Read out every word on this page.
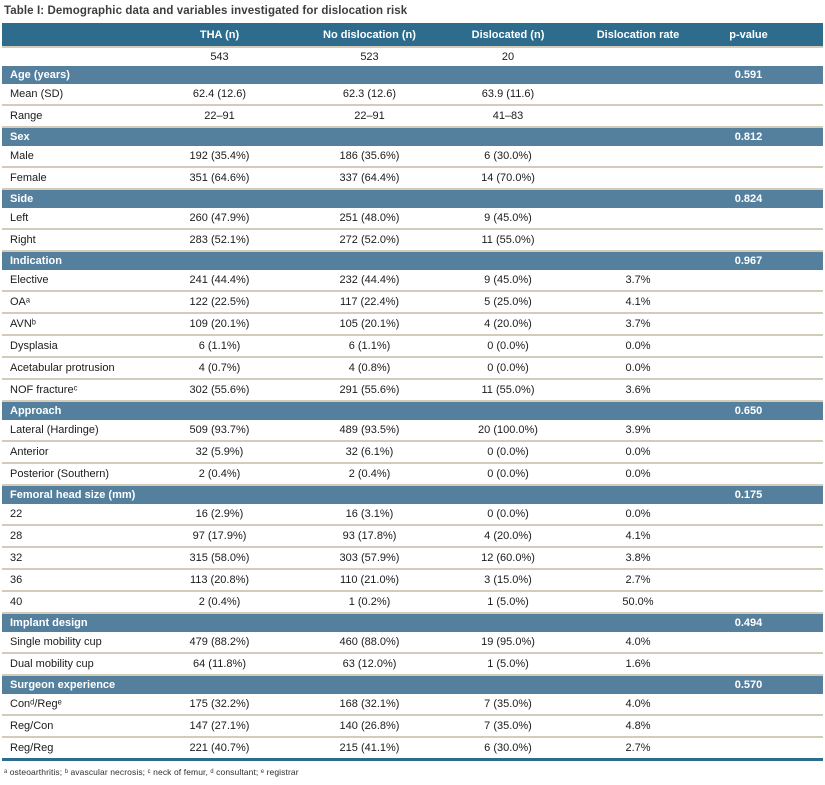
Table I: Demographic data and variables investigated for dislocation risk
	THA (n)	No dislocation (n)	Dislocated (n)	Dislocation rate	p-value
	543	523	20		
Age (years)					0.591
Mean (SD)	62.4 (12.6)	62.3 (12.6)	63.9 (11.6)		
Range	22–91	22–91	41–83		
Sex					0.812
Male	192 (35.4%)	186 (35.6%)	6 (30.0%)		
Female	351 (64.6%)	337 (64.4%)	14 (70.0%)		
Side					0.824
Left	260 (47.9%)	251 (48.0%)	9 (45.0%)		
Right	283 (52.1%)	272 (52.0%)	11 (55.0%)		
Indication					0.967
Elective	241 (44.4%)	232 (44.4%)	9 (45.0%)	3.7%	
OAᵃ	122 (22.5%)	117 (22.4%)	5 (25.0%)	4.1%	
AVNᵇ	109 (20.1%)	105 (20.1%)	4 (20.0%)	3.7%	
Dysplasia	6 (1.1%)	6 (1.1%)	0 (0.0%)	0.0%	
Acetabular protrusion	4 (0.7%)	4 (0.8%)	0 (0.0%)	0.0%	
NOF fractureᶜ	302 (55.6%)	291 (55.6%)	11 (55.0%)	3.6%	
Approach					0.650
Lateral (Hardinge)	509 (93.7%)	489 (93.5%)	20 (100.0%)	3.9%	
Anterior	32 (5.9%)	32 (6.1%)	0 (0.0%)	0.0%	
Posterior (Southern)	2 (0.4%)	2 (0.4%)	0 (0.0%)	0.0%	
Femoral head size (mm)					0.175
22	16 (2.9%)	16 (3.1%)	0 (0.0%)	0.0%	
28	97 (17.9%)	93 (17.8%)	4 (20.0%)	4.1%	
32	315 (58.0%)	303 (57.9%)	12 (60.0%)	3.8%	
36	113 (20.8%)	110 (21.0%)	3 (15.0%)	2.7%	
40	2 (0.4%)	1 (0.2%)	1 (5.0%)	50.0%	
Implant design					0.494
Single mobility cup	479 (88.2%)	460 (88.0%)	19 (95.0%)	4.0%	
Dual mobility cup	64 (11.8%)	63 (12.0%)	1 (5.0%)	1.6%	
Surgeon experience					0.570
Conᵈ/Regᵉ	175 (32.2%)	168 (32.1%)	7 (35.0%)	4.0%	
Reg/Con	147 (27.1%)	140 (26.8%)	7 (35.0%)	4.8%	
Reg/Reg	221 (40.7%)	215 (41.1%)	6 (30.0%)	2.7%	
ᵃ osteoarthritis; ᵇ avascular necrosis; ᶜ neck of femur, ᵈ consultant; ᵉ registrar
